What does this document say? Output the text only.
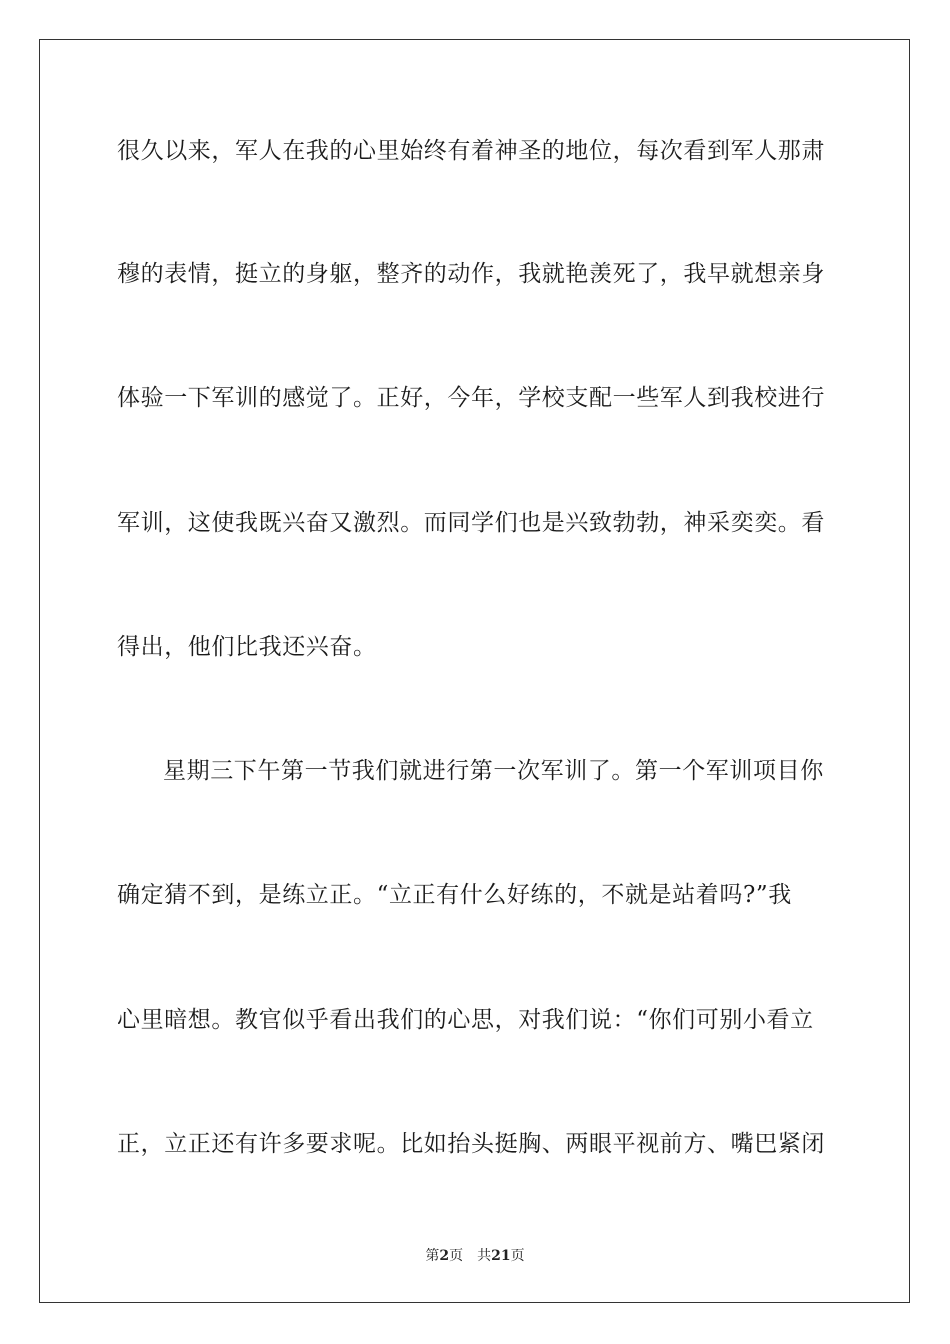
很久以来，军人在我的心里始终有着神圣的地位，每次看到军人那肃
穆的表情，挺立的身躯，整齐的动作，我就艳羡死了，我早就想亲身
体验一下军训的感觉了。正好，今年，学校支配一些军人到我校进行
军训，这使我既兴奋又激烈。而同学们也是兴致勃勃，神采奕奕。看
得出，他们比我还兴奋。
星期三下午第一节我们就进行第一次军训了。第一个军训项目你
确定猜不到，是练立正。“立正有什么好练的，不就是站着吗?”我
心里暗想。教官似乎看出我们的心思，对我们说：“你们可别小看立
正，立正还有许多要求呢。比如抬头挺胸、两眼平视前方、嘴巴紧闭
第2页 共21页
